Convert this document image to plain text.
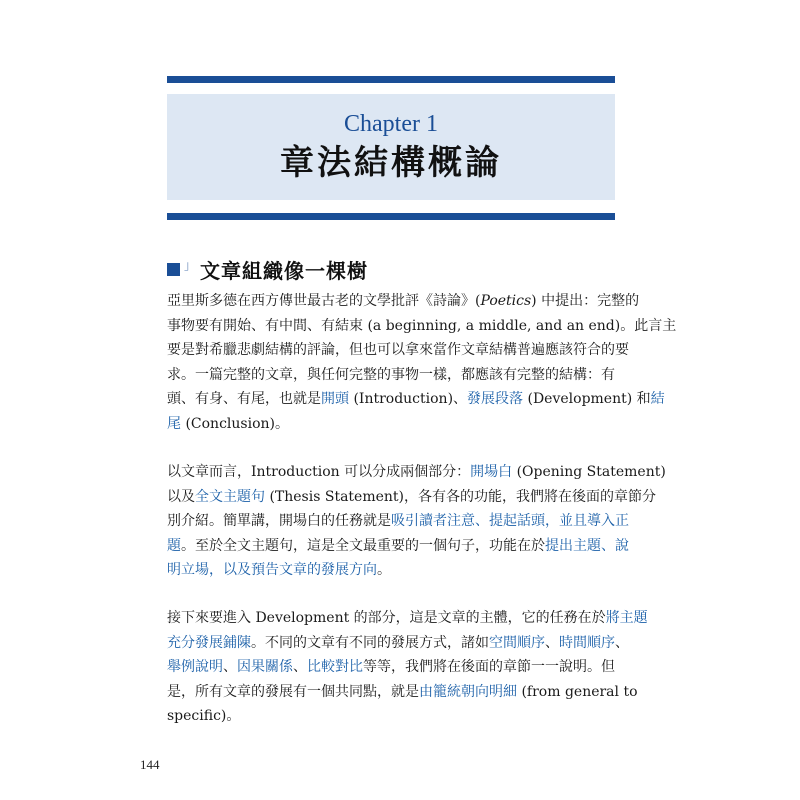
Chapter 1
章法結構概論
」 文章組織像一棵樹
亞里斯多德在西方傳世最古老的文學批評《詩論》(Poetics) 中提出：完整的
事物要有開始、有中間、有結束 (a beginning, a middle, and an end)。此言主
要是對希臘悲劇結構的評論，但也可以拿來當作文章結構普遍應該符合的要
求。一篇完整的文章，與任何完整的事物一樣，都應該有完整的結構：有
頭、有身、有尾，也就是開頭 (Introduction)、發展段落 (Development) 和結
尾 (Conclusion)。
以文章而言，Introduction 可以分成兩個部分：開場白 (Opening Statement)
以及全文主題句 (Thesis Statement)，各有各的功能，我們將在後面的章節分
別介紹。簡單講，開場白的任務就是吸引讀者注意、提起話頭，並且導入正
題。至於全文主題句，這是全文最重要的一個句子，功能在於提出主題、說
明立場，以及預告文章的發展方向。
接下來要進入 Development 的部分，這是文章的主體，它的任務在於將主題
充分發展鋪陳。不同的文章有不同的發展方式，諸如空間順序、時間順序、
舉例說明、因果關係、比較對比等等，我們將在後面的章節一一說明。但
是，所有文章的發展有一個共同點，就是由籠統朝向明細 (from general to
specific)。
144
